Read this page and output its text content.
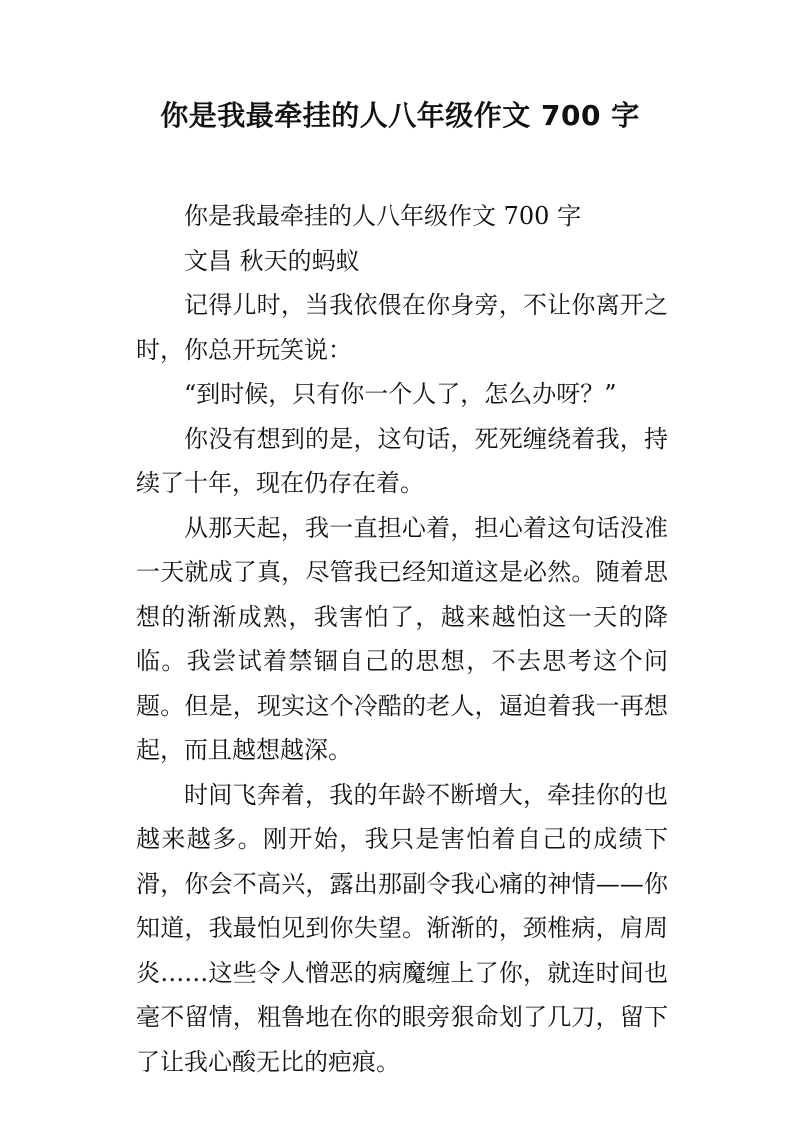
你是我最牵挂的人八年级作文 700 字

你是我最牵挂的人八年级作文 700 字

文昌 秋天的蚂蚁

记得儿时，当我依偎在你身旁，不让你离开之时，你总开玩笑说：

“到时候，只有你一个人了，怎么办呀？”

你没有想到的是，这句话，死死缠绕着我，持续了十年，现在仍存在着。

从那天起，我一直担心着，担心着这句话没准一天就成了真，尽管我已经知道这是必然。随着思想的渐渐成熟，我害怕了，越来越怕这一天的降临。我尝试着禁锢自己的思想，不去思考这个问题。但是，现实这个冷酷的老人，逼迫着我一再想起，而且越想越深。

时间飞奔着，我的年龄不断增大，牵挂你的也越来越多。刚开始，我只是害怕着自己的成绩下滑，你会不高兴，露出那副令我心痛的神情——你知道，我最怕见到你失望。渐渐的，颈椎病，肩周炎……这些令人憎恶的病魔缠上了你，就连时间也毫不留情，粗鲁地在你的眼旁狠命划了几刀，留下了让我心酸无比的疤痕。
